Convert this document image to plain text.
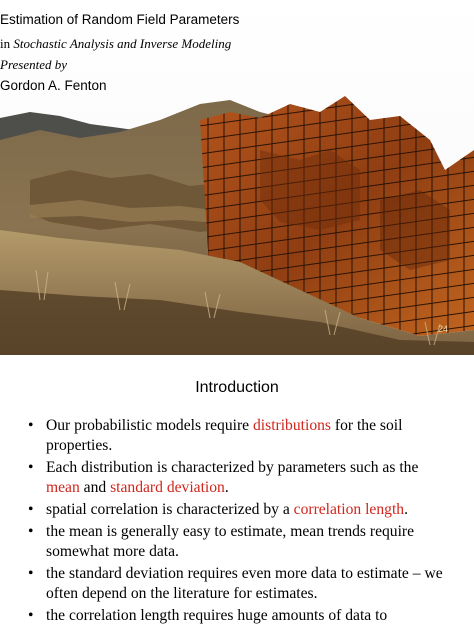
Estimation of Random Field Parameters
in Stochastic Analysis and Inverse Modeling
Presented by
Gordon A. Fenton
24
Introduction
• Our probabilistic models require distributions for the soil properties.
• Each distribution is characterized by parameters such as the mean and standard deviation.
• spatial correlation is characterized by a correlation length.
• the mean is generally easy to estimate, mean trends require somewhat more data.
• the standard deviation requires even more data to estimate – we often depend on the literature for estimates.
• the correlation length requires huge amounts of data to
